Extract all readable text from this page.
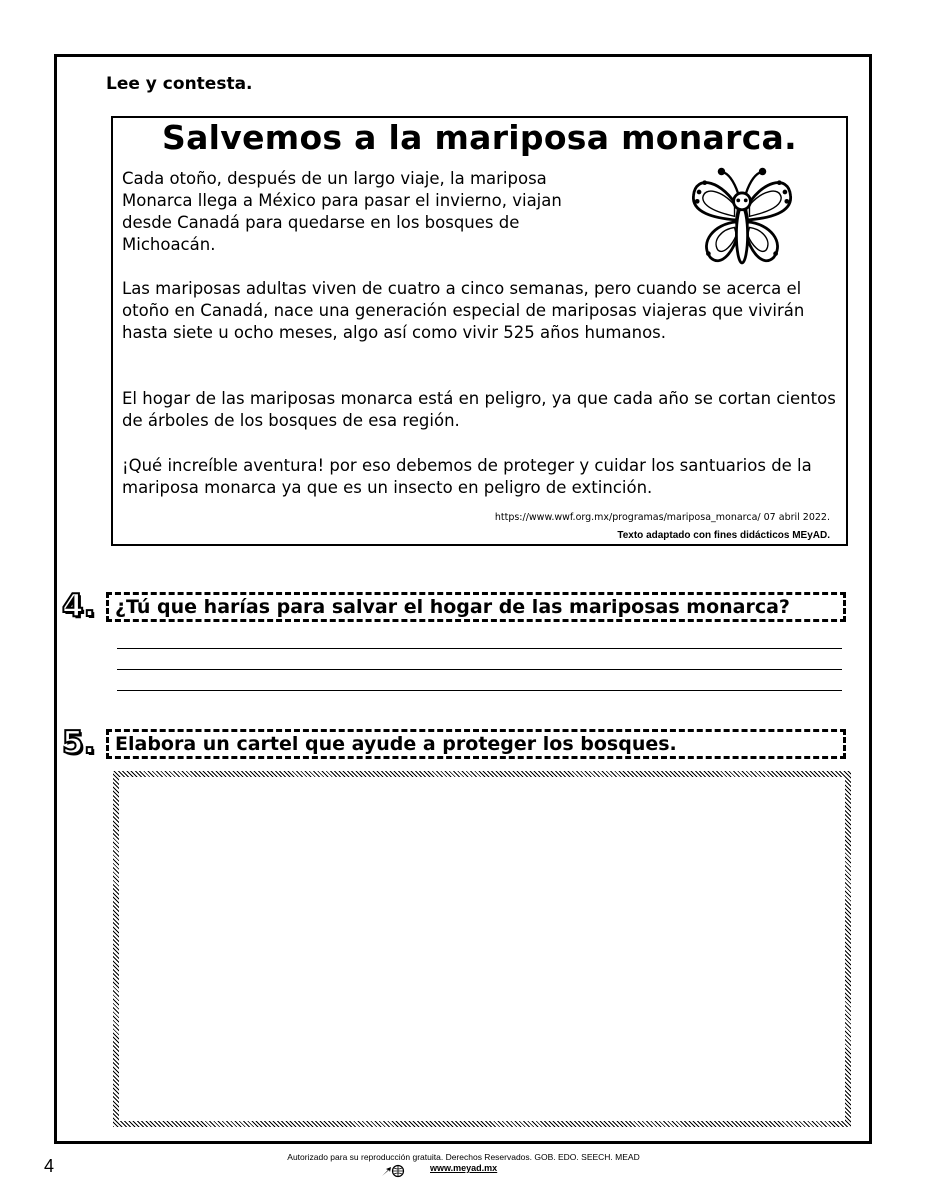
Lee y contesta.
Salvemos a la mariposa monarca.

Cada otoño, después de un largo viaje, la mariposa Monarca llega a México para pasar el invierno, viajan desde Canadá para quedarse en los bosques de Michoacán.

Las mariposas adultas viven de cuatro a cinco semanas, pero cuando se acerca el otoño en Canadá, nace una generación especial de mariposas viajeras que vivirán hasta siete u ocho meses, algo así como vivir 525 años humanos.

El hogar de las mariposas monarca está en peligro, ya que cada año se cortan cientos de árboles de los bosques de esa región.

¡Qué increíble aventura! por eso debemos de proteger y cuidar los santuarios de la mariposa monarca ya que es un insecto en peligro de extinción.

https://www.wwf.org.mx/programas/mariposa_monarca/ 07 abril 2022.
Texto adaptado con fines didácticos MEyAD.
4. ¿Tú que harías para salvar el hogar de las mariposas monarca?
5. Elabora un cartel que ayude a proteger los bosques.
4	Autorizado para su reproducción gratuita. Derechos Reservados. GOB. EDO. SEECH. MEAD
www.meyad.mx
